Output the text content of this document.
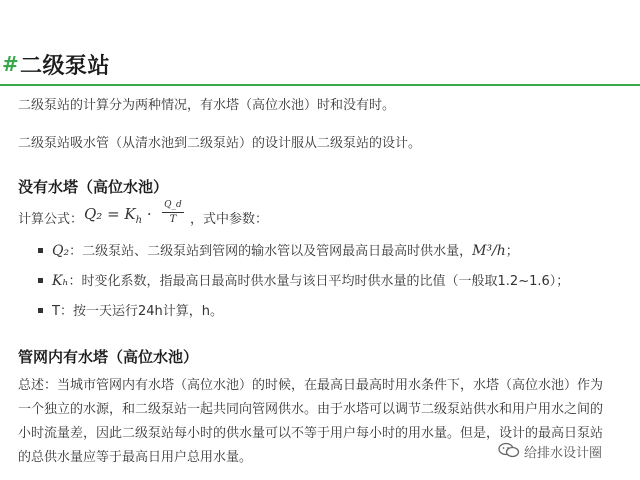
# 二级泵站
二级泵站的计算分为两种情况，有水塔（高位水池）时和没有时。
二级泵站吸水管（从清水池到二级泵站）的设计服从二级泵站的设计。
没有水塔（高位水池）
计算公式： $Q_2 = K_h$ · Q_d
T	，式中参数：
Q₂：二级泵站、二级泵站到管网的输水管以及管网最高日最高时供水量，M³/h；
Kₕ：时变化系数，指最高日最高时供水量与该日平均时供水量的比值（一般取1.2~1.6）；
T：按一天运行24h计算，h。
管网内有水塔（高位水池）
总述：当城市管网内有水塔（高位水池）的时候，在最高日最高时用水条件下，水塔（高位水池）作为
一个独立的水源，和二级泵站一起共同向管网供水。由于水塔可以调节二级泵站供水和用户用水之间的
小时流量差，因此二级泵站每小时的供水量可以不等于用户每小时的用水量。但是，设计的最高日泵站
的总供水量应等于最高日用户总用水量。	给排水设计圈
